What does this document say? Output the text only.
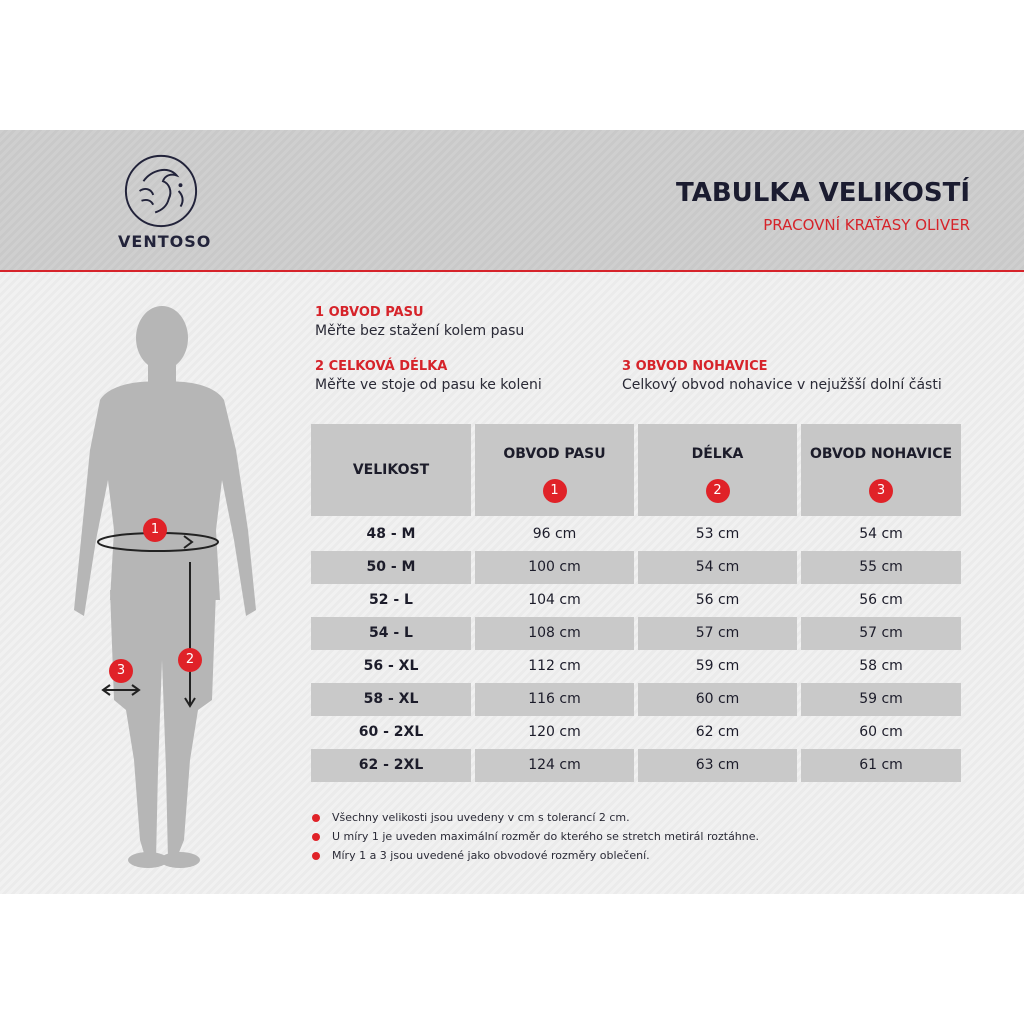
VENTOSO
TABULKA VELIKOSTÍ
PRACOVNÍ KRAŤASY OLIVER
1
2
3
1 OBVOD PASU
Měřte bez stažení kolem pasu
2 CELKOVÁ DÉLKA
Měřte ve stoje od pasu ke koleni
3 OBVOD NOHAVICE
Celkový obvod nohavice v nejužšší dolní části
VELIKOST
OBVOD PASU
1
DÉLKA
2
OBVOD NOHAVICE
3
48 - M	96 cm	53 cm	54 cm
50 - M	100 cm	54 cm	55 cm
52 - L	104 cm	56 cm	56 cm
54 - L	108 cm	57 cm	57 cm
56 - XL	112 cm	59 cm	58 cm
58 - XL	116 cm	60 cm	59 cm
60 - 2XL	120 cm	62 cm	60 cm
62 - 2XL	124 cm	63 cm	61 cm
Všechny velikosti jsou uvedeny v cm s tolerancí 2 cm.
U míry 1 je uveden maximální rozměr do kterého se stretch metirál roztáhne.
Míry 1 a 3 jsou uvedené jako obvodové rozměry oblečení.
